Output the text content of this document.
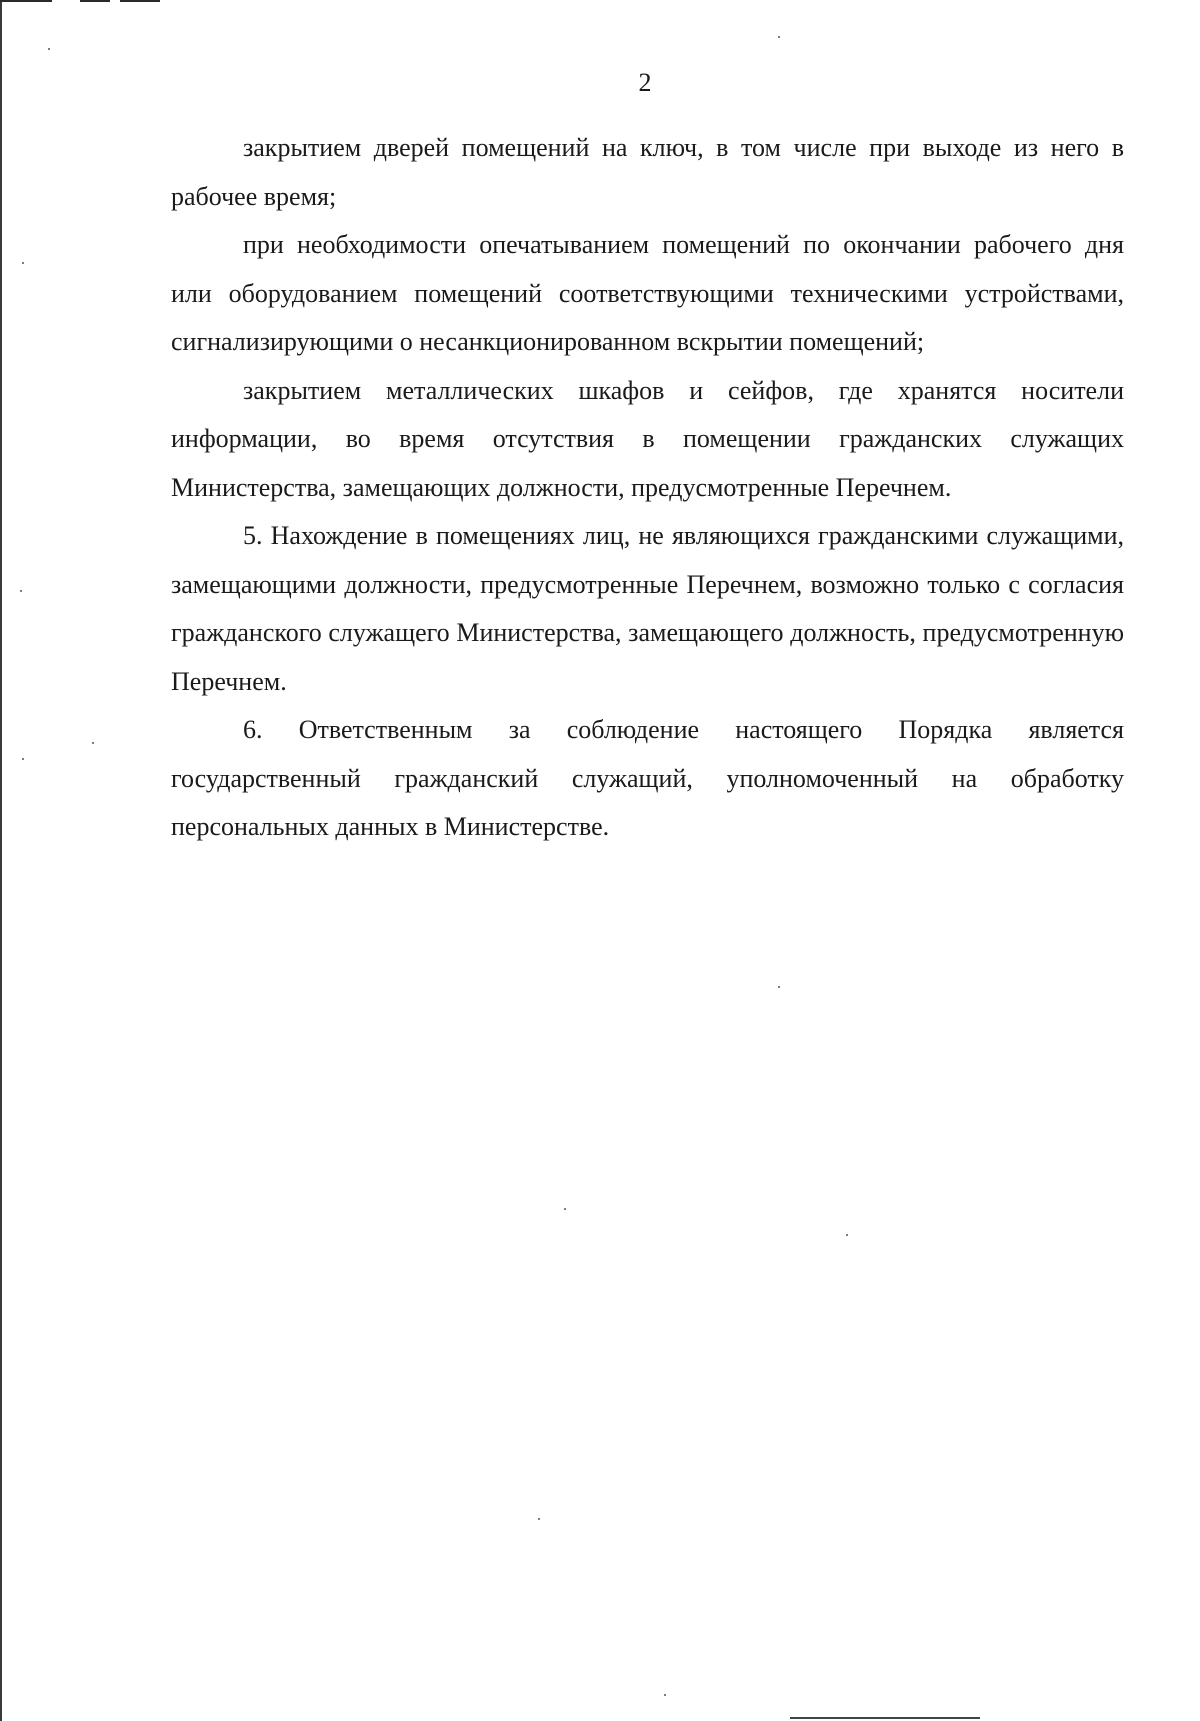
2

закрытием дверей помещений на ключ, в том числе при выходе из него в рабочее время;

при необходимости опечатыванием помещений по окончании рабочего дня или оборудованием помещений соответствующими техническими устройствами, сигнализирующими о несанкционированном вскрытии помещений;

закрытием металлических шкафов и сейфов, где хранятся носители информации, во время отсутствия в помещении гражданских служащих Министерства, замещающих должности, предусмотренные Перечнем.

5. Нахождение в помещениях лиц, не являющихся гражданскими служащими, замещающими должности, предусмотренные Перечнем, возможно только с согласия гражданского служащего Министерства, замещающего должность, предусмотренную Перечнем.

6. Ответственным за соблюдение настоящего Порядка является государственный гражданский служащий, уполномоченный на обработку персональных данных в Министерстве.
